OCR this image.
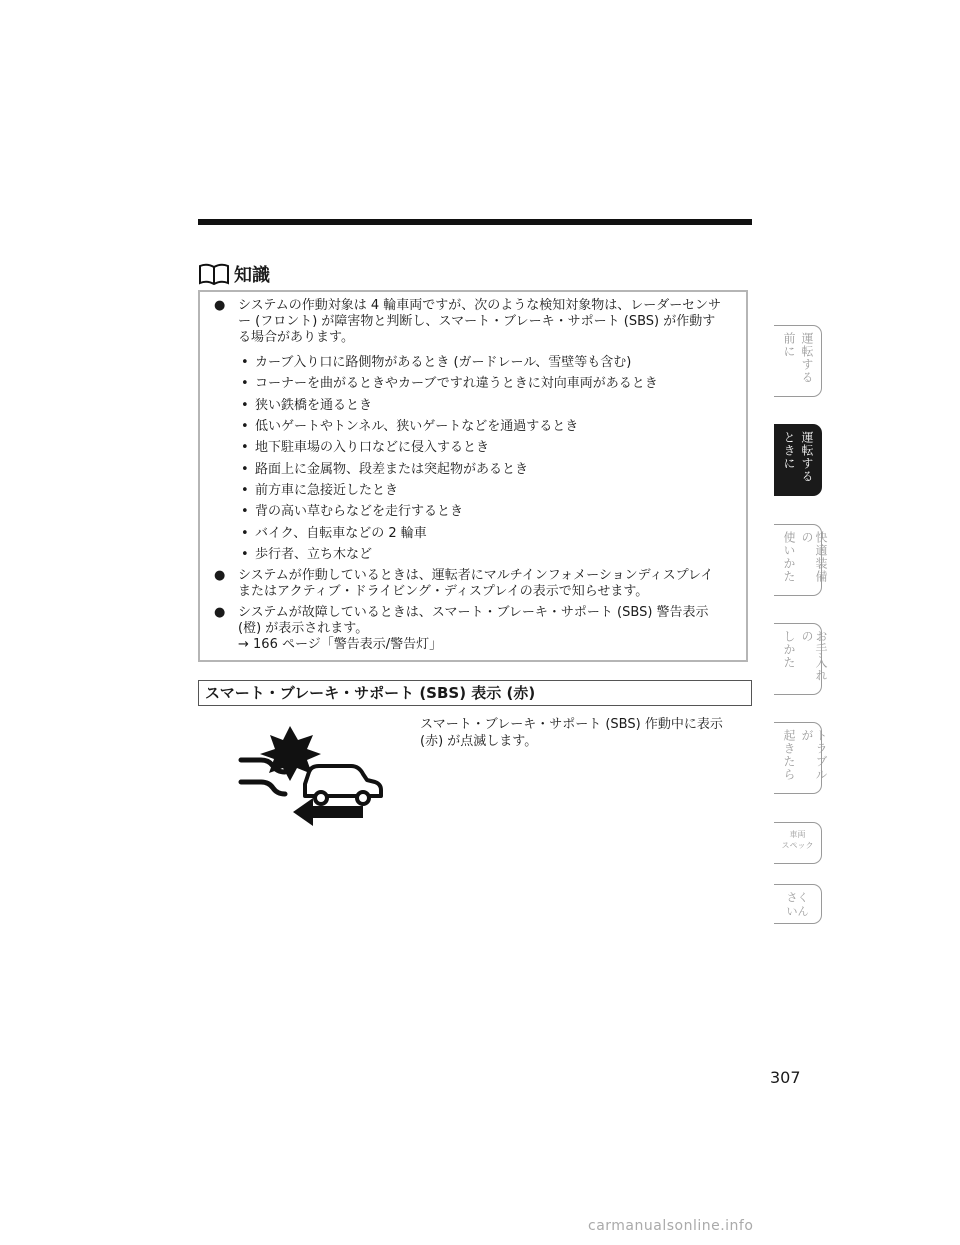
知識
● システムの作動対象は 4 輪車両ですが、次のような検知対象物は、レーダーセンサ
ー (フロント) が障害物と判断し、スマート・ブレーキ・サポート (SBS) が作動す
る場合があります。
• カーブ入り口に路側物があるとき (ガードレール、雪壁等も含む)
• コーナーを曲がるときやカーブですれ違うときに対向車両があるとき
• 狭い鉄橋を通るとき
• 低いゲートやトンネル、狭いゲートなどを通過するとき
• 地下駐車場の入り口などに侵入するとき
• 路面上に金属物、段差または突起物があるとき
• 前方車に急接近したとき
• 背の高い草むらなどを走行するとき
• バイク、自転車などの 2 輪車
• 歩行者、立ち木など
● システムが作動しているときは、運転者にマルチインフォメーションディスプレイ
またはアクティブ・ドライビング・ディスプレイの表示で知らせます。
● システムが故障しているときは、スマート・ブレーキ・サポート (SBS) 警告表示
(橙) が表示されます。
→ 166 ページ「警告表示/警告灯」
スマート・ブレーキ・サポート (SBS) 表示 (赤)
スマート・ブレーキ・サポート (SBS) 作動中に表示
(赤) が点滅します。
運転する
前に
運転する
ときに
快適装備の
使いかた
お手入れの
しかた
トラブルが
起きたら
車両
スペック
さく
いん
307
carmanualsonline.info
